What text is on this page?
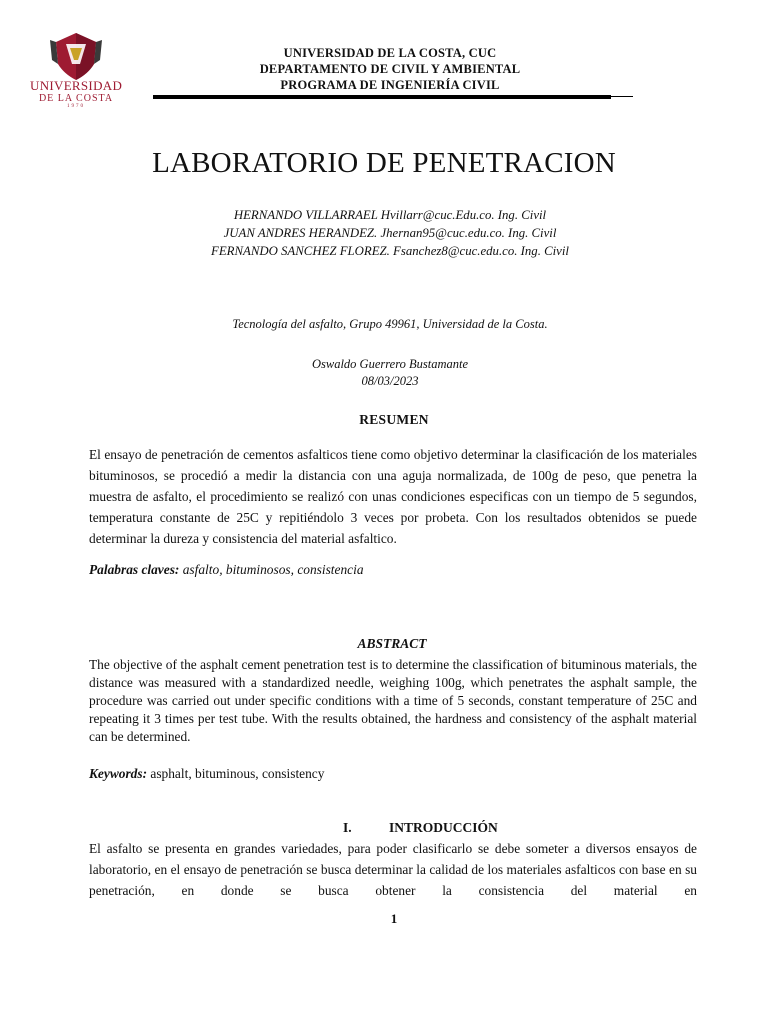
UNIVERSIDAD
DE LA COSTA
1970
UNIVERSIDAD DE LA COSTA, CUC
DEPARTAMENTO DE CIVIL Y AMBIENTAL
PROGRAMA DE INGENIERÍA CIVIL
LABORATORIO DE PENETRACION
HERNANDO VILLARRAEL Hvillarr@cuc.Edu.co. Ing. Civil
JUAN ANDRES HERANDEZ. Jhernan95@cuc.edu.co. Ing. Civil
FERNANDO SANCHEZ FLOREZ. Fsanchez8@cuc.edu.co. Ing. Civil
Tecnología del asfalto, Grupo 49961, Universidad de la Costa.
Oswaldo Guerrero Bustamante
08/03/2023
RESUMEN
El ensayo de penetración de cementos asfalticos tiene como objetivo determinar la clasificación de los materiales bituminosos, se procedió a medir la distancia con una aguja normalizada, de 100g de peso, que penetra la muestra de asfalto, el procedimiento se realizó con unas condiciones especificas con un tiempo de 5 segundos, temperatura constante de 25C y repitiéndolo 3 veces por probeta. Con los resultados obtenidos se puede determinar la dureza y consistencia del material asfaltico.
Palabras claves: asfalto, bituminosos, consistencia
ABSTRACT
The objective of the asphalt cement penetration test is to determine the classification of bituminous materials, the distance was measured with a standardized needle, weighing 100g, which penetrates the asphalt sample, the procedure was carried out under specific conditions with a time of 5 seconds, constant temperature of 25C and repeating it 3 times per test tube. With the results obtained, the hardness and consistency of the asphalt material can be determined.
Keywords: asphalt, bituminous, consistency
I.	INTRODUCCIÓN
El asfalto se presenta en grandes variedades, para poder clasificarlo se debe someter a diversos ensayos de laboratorio, en el ensayo de penetración se busca determinar la calidad de los materiales asfalticos con base en su penetración, en donde se busca obtener la consistencia del material en
1
